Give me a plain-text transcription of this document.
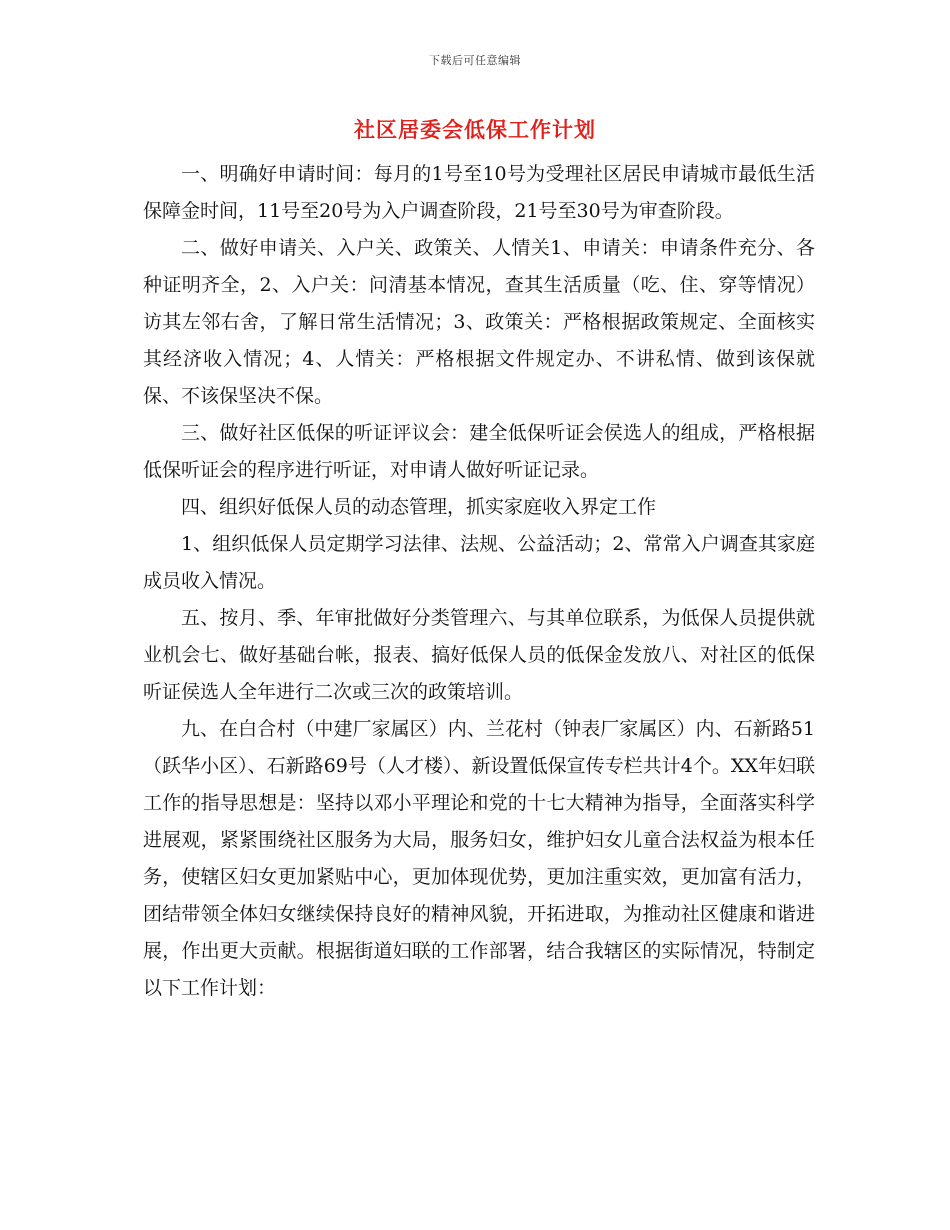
下载后可任意编辑
社区居委会低保工作计划

一、明确好申请时间：每月的1号至10号为受理社区居民申请城市最低生活保障金时间，11号至20号为入户调查阶段，21号至30号为审查阶段。

二、做好申请关、入户关、政策关、人情关1、申请关：申请条件充分、各种证明齐全，2、入户关：问清基本情况，查其生活质量（吃、住、穿等情况）访其左邻右舍，了解日常生活情况；3、政策关：严格根据政策规定、全面核实其经济收入情况；4、人情关：严格根据文件规定办、不讲私情、做到该保就保、不该保坚决不保。

三、做好社区低保的听证评议会：建全低保听证会侯选人的组成，严格根据低保听证会的程序进行听证，对申请人做好听证记录。

四、组织好低保人员的动态管理，抓实家庭收入界定工作

1、组织低保人员定期学习法律、法规、公益活动；2、常常入户调查其家庭成员收入情况。

五、按月、季、年审批做好分类管理六、与其单位联系，为低保人员提供就业机会七、做好基础台帐，报表、搞好低保人员的低保金发放八、对社区的低保听证侯选人全年进行二次或三次的政策培训。

九、在白合村（中建厂家属区）内、兰花村（钟表厂家属区）内、石新路51（跃华小区）、石新路69号（人才楼）、新设置低保宣传专栏共计4个。XX年妇联工作的指导思想是：坚持以邓小平理论和党的十七大精神为指导，全面落实科学进展观，紧紧围绕社区服务为大局，服务妇女，维护妇女儿童合法权益为根本任务，使辖区妇女更加紧贴中心，更加体现优势，更加注重实效，更加富有活力，团结带领全体妇女继续保持良好的精神风貌，开拓进取，为推动社区健康和谐进展，作出更大贡献。根据街道妇联的工作部署，结合我辖区的实际情况，特制定以下工作计划：
